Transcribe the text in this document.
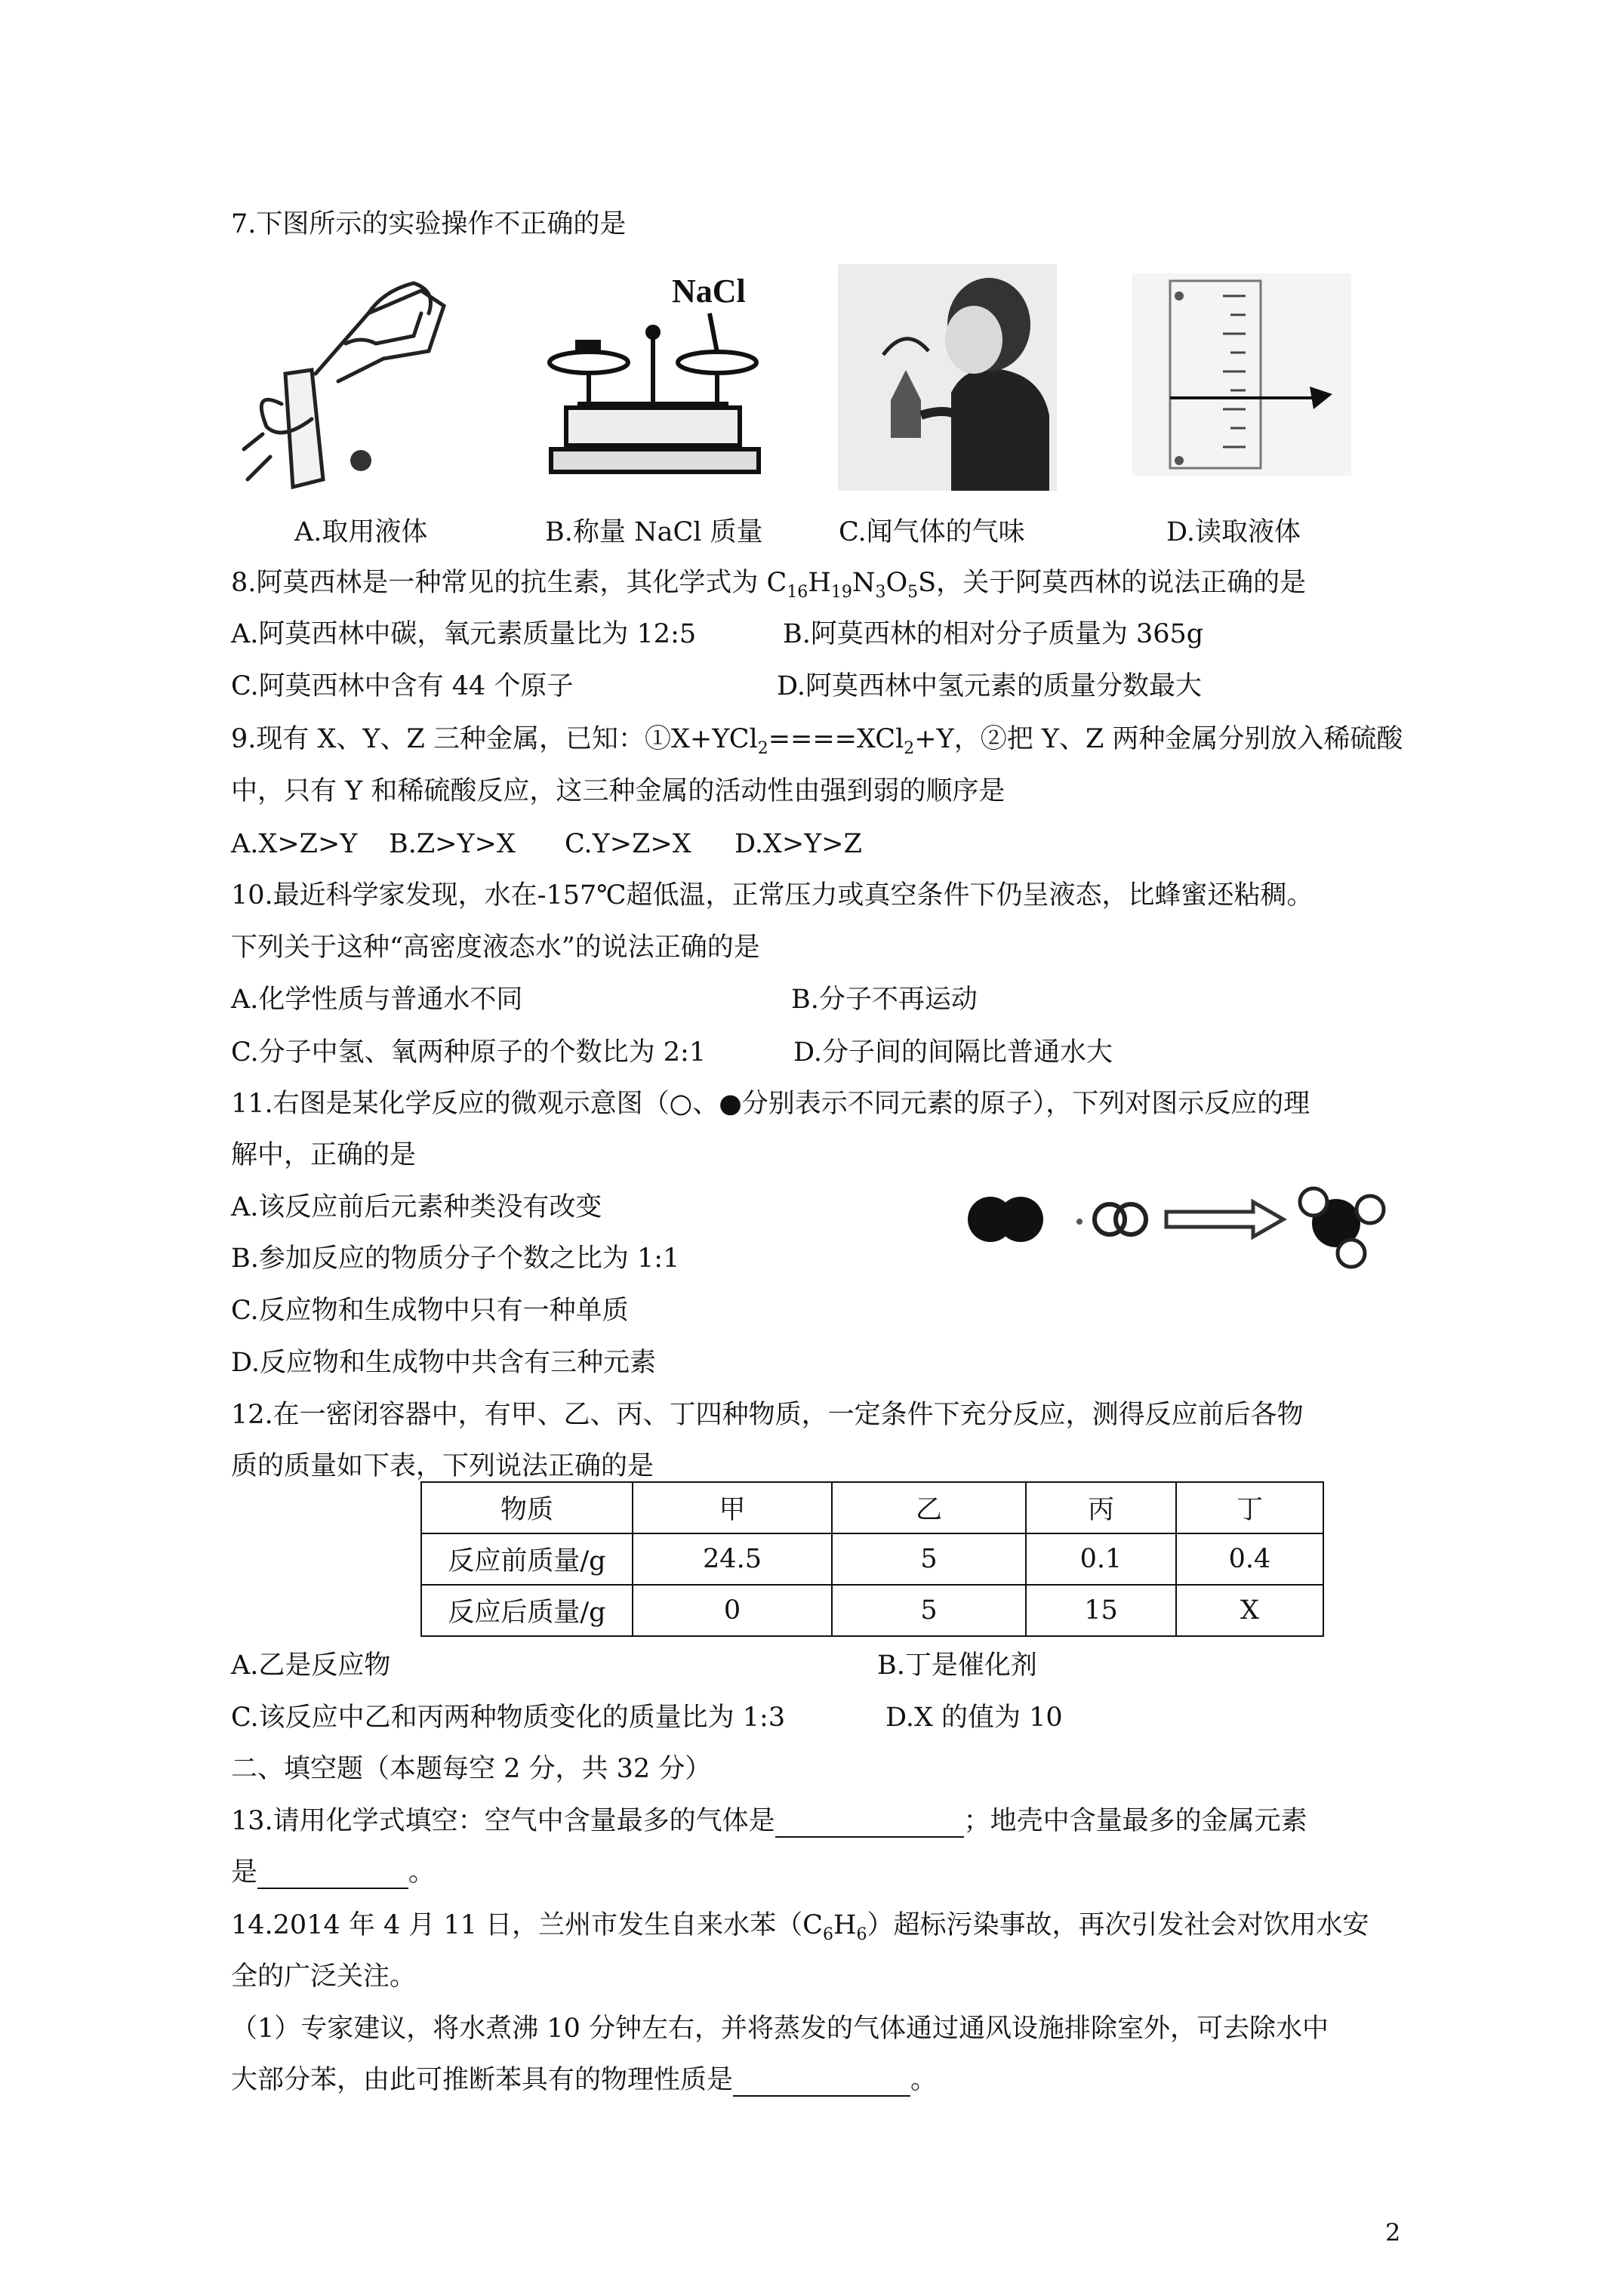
7.下图所示的实验操作不正确的是
NaCl
A.取用液体	B.称量 NaCl 质量	C.闻气体的气味	D.读取液体
8.阿莫西林是一种常见的抗生素，其化学式为 $C_{16}H_{19}N_3O_5S$，关于阿莫西林的说法正确的是
A.阿莫西林中碳，氧元素质量比为 12:5	B.阿莫西林的相对分子质量为 365g
C.阿莫西林中含有 44 个原子	D.阿莫西林中氢元素的质量分数最大
9.现有 X、Y、Z 三种金属，已知：①X+YCl$_2$====XCl$_2$+Y，②把 Y、Z 两种金属分别放入稀硫酸
中，只有 Y 和稀硫酸反应，这三种金属的活动性由强到弱的顺序是
A.X>Z>Y B.Z>Y>X C.Y>Z>X D.X>Y>Z
10.最近科学家发现，水在-157℃超低温，正常压力或真空条件下仍呈液态，比蜂蜜还粘稠。
下列关于这种“高密度液态水”的说法正确的是
A.化学性质与普通水不同	B.分子不再运动
C.分子中氢、氧两种原子的个数比为 2:1	D.分子间的间隔比普通水大
11.右图是某化学反应的微观示意图（○、●分别表示不同元素的原子），下列对图示反应的理
解中，正确的是
A.该反应前后元素种类没有改变
B.参加反应的物质分子个数之比为 1:1
C.反应物和生成物中只有一种单质
D.反应物和生成物中共含有三种元素
12.在一密闭容器中，有甲、乙、丙、丁四种物质，一定条件下充分反应，测得反应前后各物
质的质量如下表，下列说法正确的是
物质	甲	乙	丙	丁
反应前质量/g	24.5	5	0.1	0.4
反应后质量/g	0	5	15	X
A.乙是反应物	B.丁是催化剂
C.该反应中乙和丙两种物质变化的质量比为 1:3	D.X 的值为 10
二、填空题（本题每空 2 分，共 32 分）
13.请用化学式填空：空气中含量最多的气体是	；地壳中含量最多的金属元素
是	。
14.2014 年 4 月 11 日，兰州市发生自来水苯$(C_6H_6)$超标污染事故，再次引发社会对饮用水安
全的广泛关注。
（1）专家建议，将水煮沸 10 分钟左右，并将蒸发的气体通过通风设施排除室外，可去除水中
大部分苯，由此可推断苯具有的物理性质是	。
2
